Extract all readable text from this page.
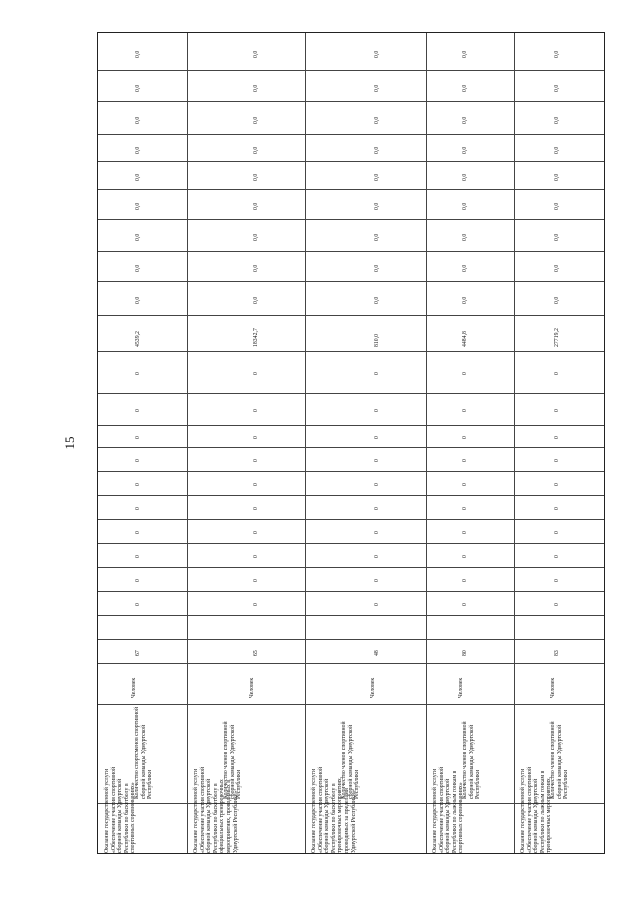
15
0,0
0,0
0,0
0,0
0,0
0,0
0,0
0,0
0,0
4539,2
0
0
0
0
0
0
0
0
0
0
67
Человек
Количество спортсменов спортивной сборной команды Удмуртской Республики
Оказание государственной услуги «Обеспечение участия спортивной сборной команды Удмуртской Республики по баскетболу в спортивных соревнованиях»
0,0
0,0
0,0
0,0
0,0
0,0
0,0
0,0
0,0
18342,7
0
0
0
0
0
0
0
0
0
0
65
Человек
Количество членов спортивной сборной команды Удмуртской Республики
Оказание государственной услуги «Обеспечение участия спортивной сборной команды Удмуртской Республики по баскетболу в официальных тренировочных мероприятиях, проводимых в Удмуртской Республике»
0,0
0,0
0,0
0,0
0,0
0,0
0,0
0,0
0,0
810,0
0
0
0
0
0
0
0
0
0
0
48
Человек
Количество членов спортивной сборной команды Удмуртской Республики
Оказание государственной услуги «Обеспечение участия спортивной сборной команды Удмуртской Республики по баскетболу в тренировочных мероприятиях, проводимых за пределами Удмуртской Республики»
0,0
0,0
0,0
0,0
0,0
0,0
0,0
0,0
0,0
4484,8
0
0
0
0
0
0
0
0
0
0
80
Человек
Количество членов спортивной сборной команды Удмуртской Республики
Оказание государственной услуги «Обеспечение участия спортивной сборной команды Удмуртской Республики по лыжным гонкам в спортивных соревнованиях»
0,0
0,0
0,0
0,0
0,0
0,0
0,0
0,0
0,0
27719,2
0
0
0
0
0
0
0
0
0
0
83
Человек
Количество членов спортивной сборной команды Удмуртской Республики
Оказание государственной услуги «Обеспечение участия спортивной сборной команды Удмуртской Республики по лыжным гонкам в тренировочных мероприятиях,
